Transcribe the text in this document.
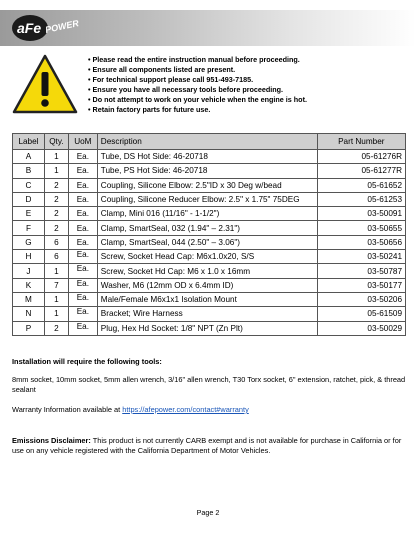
aFe POWER
• Please read the entire instruction manual before proceeding.
• Ensure all components listed are present.
• For technical support please call 951-493-7185.
• Ensure you have all necessary tools before proceeding.
• Do not attempt to work on your vehicle when the engine is hot.
• Retain factory parts for future use.
Label	Qty.	UoM	Description	Part Number
A	1	Ea.	Tube, DS Hot Side: 46-20718	05-61276R
B	1	Ea.	Tube, PS Hot Side: 46-20718	05-61277R
C	2	Ea.	Coupling, Silicone Elbow: 2.5"ID x 30 Deg w/bead	05-61652
D	2	Ea.	Coupling, Silicone Reducer Elbow: 2.5" x 1.75" 75DEG	05-61253
E	2	Ea.	Clamp, Mini 016 (11/16" - 1-1/2")	03-50091
F	2	Ea.	Clamp, SmartSeal, 032 (1.94" – 2.31")	03-50655
G	6	Ea.	Clamp, SmartSeal, 044 (2.50" – 3.06")	03-50656
H	6	Ea.	Screw, Socket Head Cap: M6x1.0x20, S/S	03-50241
J	1	Ea.	Screw, Socket Hd Cap: M6 x 1.0 x 16mm	03-50787
K	7	Ea.	Washer, M6 (12mm OD x 6.4mm ID)	03-50177
M	1	Ea.	Male/Female M6x1x1 Isolation Mount	03-50206
N	1	Ea.	Bracket; Wire Harness	05-61509
P	2	Ea.	Plug, Hex Hd Socket: 1/8" NPT (Zn Plt)	03-50029
Installation will require the following tools:
8mm socket, 10mm socket, 5mm allen wrench, 3/16" allen wrench, T30 Torx socket, 6" extension, ratchet, pick, & thread sealant
Warranty Information available at https://afepower.com/contact#warranty
Emissions Disclaimer: This product is not currently CARB exempt and is not available for purchase in California or for use on any vehicle registered with the California Department of Motor Vehicles.
Page 2
